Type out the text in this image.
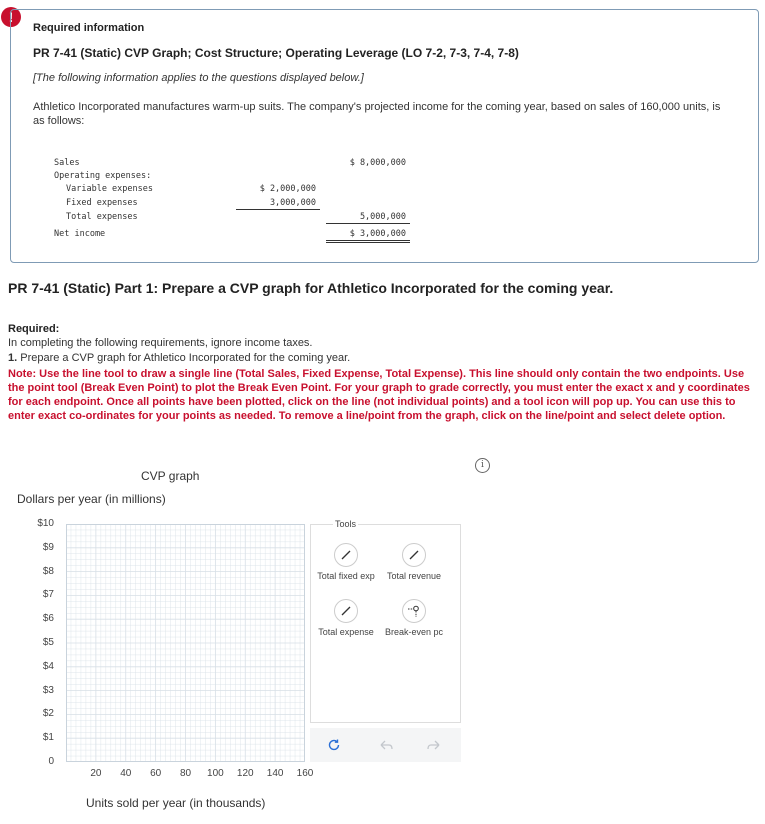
!
Required information
PR 7-41 (Static) CVP Graph; Cost Structure; Operating Leverage (LO 7-2, 7-3, 7-4, 7-8)
[The following information applies to the questions displayed below.]
Athletico Incorporated manufactures warm-up suits. The company's projected income for the coming year, based on sales of 160,000 units, is as follows:
Sales	$ 8,000,000
Operating expenses:
Variable expenses	$ 2,000,000
Fixed expenses	3,000,000
Total expenses	5,000,000
Net income	$ 3,000,000
PR 7-41 (Static) Part 1: Prepare a CVP graph for Athletico Incorporated for the coming year.
Required:
In completing the following requirements, ignore income taxes.
1. Prepare a CVP graph for Athletico Incorporated for the coming year.
Note: Use the line tool to draw a single line (Total Sales, Fixed Expense, Total Expense). This line should only contain the two endpoints. Use the point tool (Break Even Point) to plot the Break Even Point. For your graph to grade correctly, you must enter the exact x and y coordinates for each endpoint. Once all points have been plotted, click on the line (not individual points) and a tool icon will pop up. You can use this to enter exact co-ordinates for your points as needed. To remove a line/point from the graph, click on the line/point and select delete option.
i
CVP graph
Dollars per year (in millions)
0
$1
$2
$3
$4
$5
$6
$7
$8
$9
$10
20	40	60	80	100	120	140	160
Units sold per year (in thousands)
Tools
Total fixed exp	Total revenue
Total expense	Break-even pc
